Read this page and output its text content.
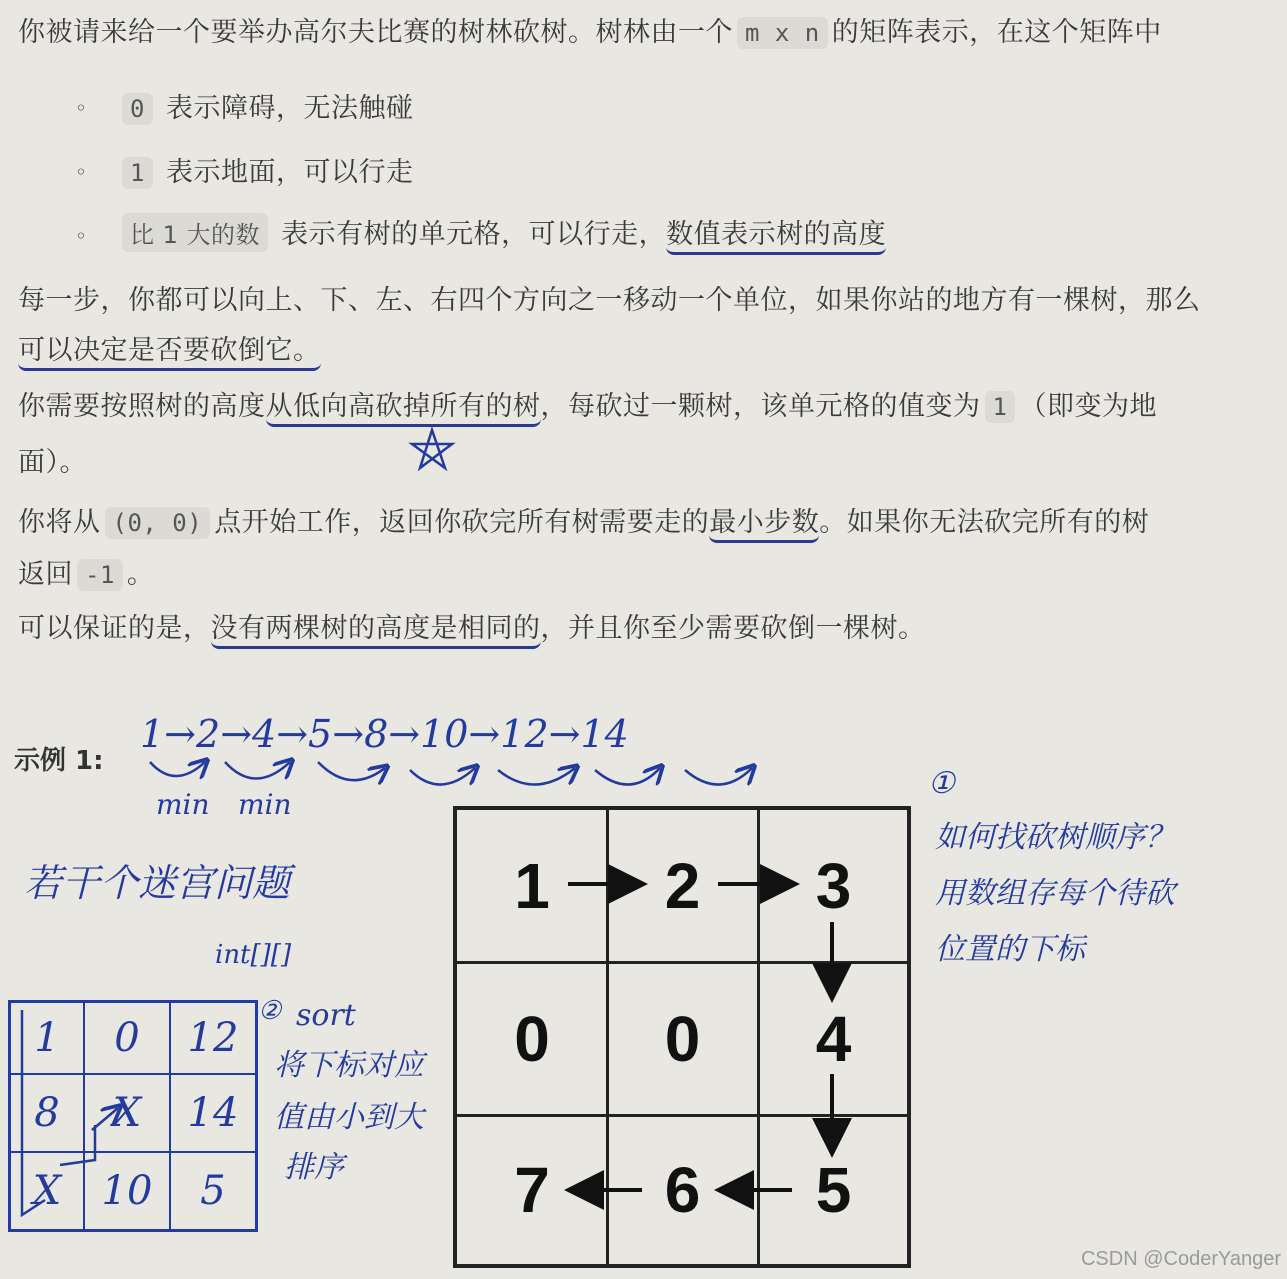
你被请来给一个要举办高尔夫比赛的树林砍树。树林由一个 m x n 的矩阵表示，在这个矩阵中
◦	0 表示障碍，无法触碰
◦	1 表示地面，可以行走
◦	比 1 大的数 表示有树的单元格，可以行走，数值表示树的高度
每一步，你都可以向上、下、左、右四个方向之一移动一个单位，如果你站的地方有一棵树，那么
可以决定是否要砍倒它。
你需要按照树的高度从低向高砍掉所有的树，每砍过一颗树，该单元格的值变为 1 （即变为地
面）。
你将从 (0, 0) 点开始工作，返回你砍完所有树需要走的最小步数。如果你无法砍完所有的树
返回 -1 。
可以保证的是，没有两棵树的高度是相同的，并且你至少需要砍倒一棵树。
示例 1:
1→2→4→5→8→10→12→14
min min
若干个迷宫问题
int[][]
② sort
将下标对应
值由小到大
排序
①
如何找砍树顺序？
用数组存每个待砍
位置的下标
1	2	3
0	0	4
7	6	5
1	0	12
8	X	14
X	10	5
CSDN @CoderYanger
